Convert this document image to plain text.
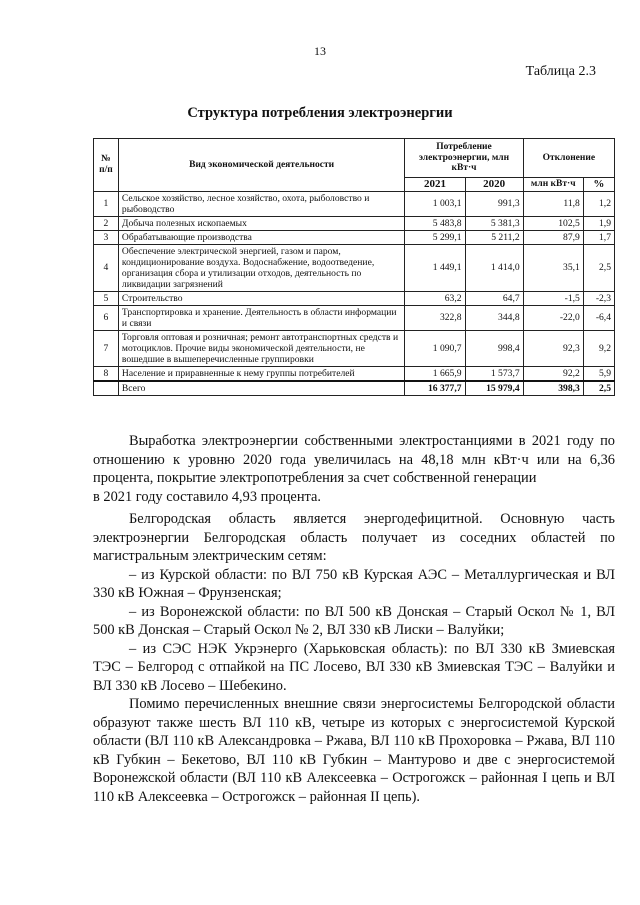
13
Таблица 2.3
Структура потребления электроэнергии
№ п/п	Вид экономической деятельности	Потребление электроэнергии, млн кВт·ч		Отклонение	
		2021	2020	млн кВт·ч	%
1	Сельское хозяйство, лесное хозяйство, охота, рыболовство и рыбоводство	1 003,1	991,3	11,8	1,2
2	Добыча полезных ископаемых	5 483,8	5 381,3	102,5	1,9
3	Обрабатывающие производства	5 299,1	5 211,2	87,9	1,7
4	Обеспечение электрической энергией, газом и паром, кондиционирование воздуха. Водоснабжение, водоотведение, организация сбора и утилизации отходов, деятельность по ликвидации загрязнений	1 449,1	1 414,0	35,1	2,5
5	Строительство	63,2	64,7	-1,5	-2,3
6	Транспортировка и хранение. Деятельность в области информации и связи	322,8	344,8	-22,0	-6,4
7	Торговля оптовая и розничная; ремонт автотранспортных средств и мотоциклов. Прочие виды экономической деятельности, не вошедшие в вышеперечисленные группировки	1 090,7	998,4	92,3	9,2
8	Население и приравненные к нему группы потребителей	1 665,9	1 573,7	92,2	5,9
	Всего	16 377,7	15 979,4	398,3	2,5

Выработка электроэнергии собственными электростанциями в 2021 году по отношению к уровню 2020 года увеличилась на 48,18 млн кВт·ч или на 6,36 процента, покрытие электропотребления за счет собственной генерации

в 2021 году составило 4,93 процента.

Белгородская область является энергодефицитной. Основную часть электроэнергии Белгородская область получает из соседних областей по магистральным электрическим сетям:

– из Курской области: по ВЛ 750 кВ Курская АЭС – Металлургическая и ВЛ 330 кВ Южная – Фрунзенская;

– из Воронежской области: по ВЛ 500 кВ Донская – Старый Оскол № 1, ВЛ 500 кВ Донская – Старый Оскол № 2, ВЛ 330 кВ Лиски – Валуйки;

– из СЭС НЭК Укрэнерго (Харьковская область): по ВЛ 330 кВ Змиевская ТЭС – Белгород с отпайкой на ПС Лосево, ВЛ 330 кВ Змиевская ТЭС – Валуйки и ВЛ 330 кВ Лосево – Шебекино.

Помимо перечисленных внешние связи энергосистемы Белгородской области образуют также шесть ВЛ 110 кВ, четыре из которых с энергосистемой Курской области (ВЛ 110 кВ Александровка – Ржава, ВЛ 110 кВ Прохоровка – Ржава, ВЛ 110 кВ Губкин – Бекетово, ВЛ 110 кВ Губкин – Мантурово и две с энергосистемой Воронежской области (ВЛ 110 кВ Алексеевка – Острогожск – районная I цепь и ВЛ 110 кВ Алексеевка – Острогожск – районная II цепь).
